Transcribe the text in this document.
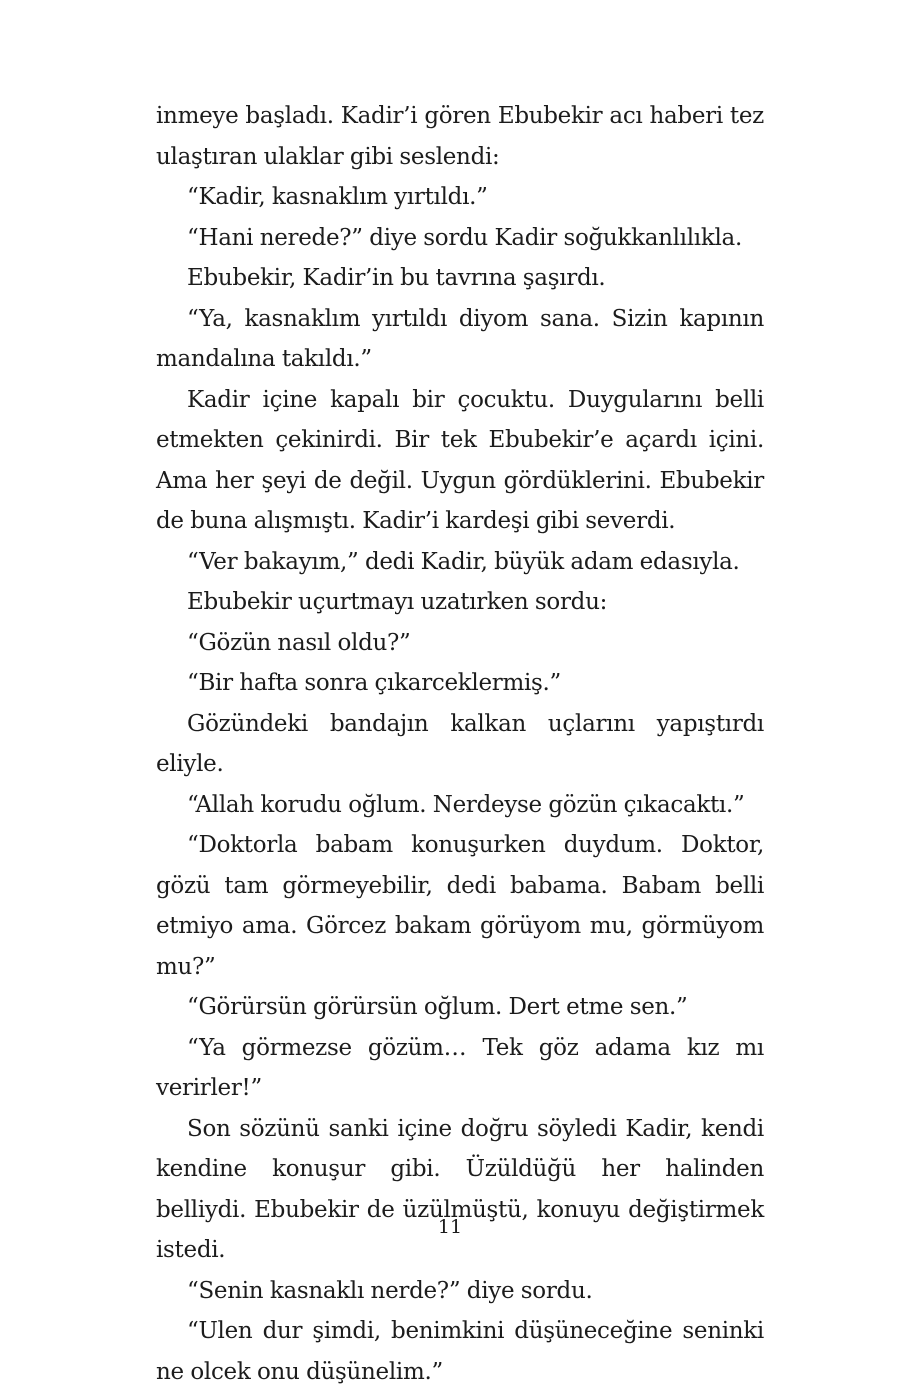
inmeye başladı. Kadir’i gören Ebubekir acı haberi tez ulaştıran ulaklar gibi seslendi:

“Kadir, kasnaklım yırtıldı.”

“Hani nerede?” diye sordu Kadir soğukkanlılıkla.

Ebubekir, Kadir’in bu tavrına şaşırdı.

“Ya, kasnaklım yırtıldı diyom sana. Sizin kapının mandalına takıldı.”

Kadir içine kapalı bir çocuktu. Duygularını belli etmekten çekinirdi. Bir tek Ebubekir’e açardı içini. Ama her şeyi de değil. Uygun gördüklerini. Ebubekir de buna alışmıştı. Kadir’i kardeşi gibi severdi.

“Ver bakayım,” dedi Kadir, büyük adam edasıyla.

Ebubekir uçurtmayı uzatırken sordu:

“Gözün nasıl oldu?”

“Bir hafta sonra çıkarceklermiş.”

Gözündeki bandajın kalkan uçlarını yapıştırdı eliyle.

“Allah korudu oğlum. Nerdeyse gözün çıkacaktı.”

“Doktorla babam konuşurken duydum. Doktor, gözü tam görmeyebilir, dedi babama. Babam belli etmiyo ama. Görcez bakam görüyom mu, görmüyom mu?”

“Görürsün görürsün oğlum. Dert etme sen.”

“Ya görmezse gözüm… Tek göz adama kız mı verirler!”

Son sözünü sanki içine doğru söyledi Kadir, kendi kendine konuşur gibi. Üzüldüğü her halinden belliydi. Ebubekir de üzülmüştü, konuyu değiştirmek istedi.

“Senin kasnaklı nerde?” diye sordu.

“Ulen dur şimdi, benimkini düşüneceğine seninki ne olcek onu düşünelim.”

11
